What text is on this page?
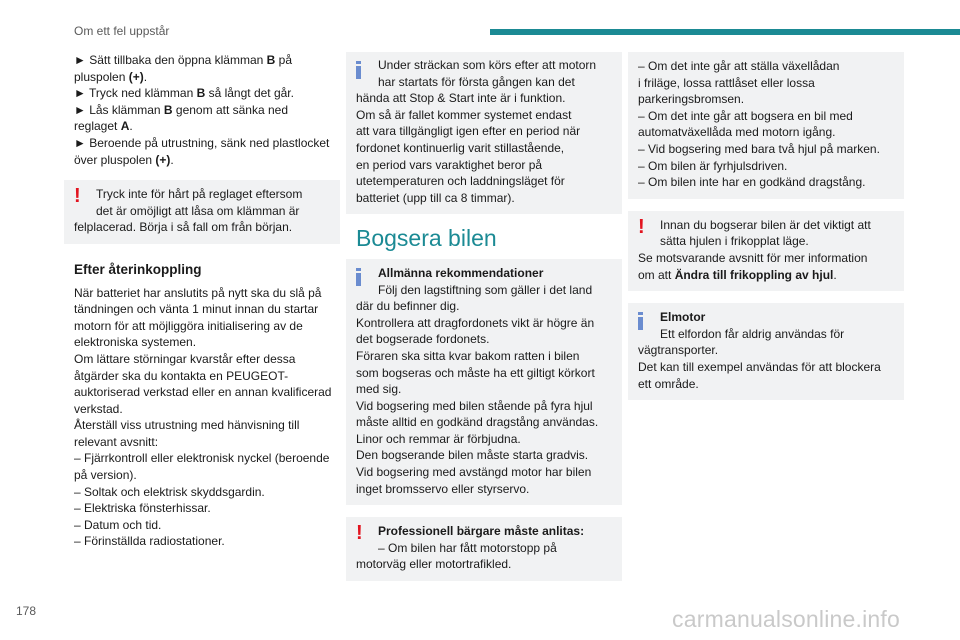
Om ett fel uppstår
► Sätt tillbaka den öppna klämman B på
pluspolen (+).
► Tryck ned klämman B så långt det går.
► Lås klämman B genom att sänka ned
reglaget A.
► Beroende på utrustning, sänk ned plastlocket
över pluspolen (+).
!	Tryck inte för hårt på reglaget eftersom
det är omöjligt att låsa om klämman är
felplacerad. Börja i så fall om från början.
Efter återinkoppling
När batteriet har anslutits på nytt ska du slå på
tändningen och vänta 1 minut innan du startar
motorn för att möjliggöra initialisering av de
elektroniska systemen.
Om lättare störningar kvarstår efter dessa
åtgärder ska du kontakta en PEUGEOT-
auktoriserad verkstad eller en annan kvalificerad
verkstad.
Återställ viss utrustning med hänvisning till
relevant avsnitt:
– Fjärrkontroll eller elektronisk nyckel (beroende
på version).
– Soltak och elektrisk skyddsgardin.
– Elektriska fönsterhissar.
– Datum och tid.
– Förinställda radiostationer.
Under sträckan som körs efter att motorn
har startats för första gången kan det
hända att Stop & Start inte är i funktion.
Om så är fallet kommer systemet endast
att vara tillgängligt igen efter en period när
fordonet kontinuerlig varit stillastående,
en period vars varaktighet beror på
utetemperaturen och laddningsläget för
batteriet (upp till ca 8 timmar).
Bogsera bilen
Allmänna rekommendationer
Följ den lagstiftning som gäller i det land
där du befinner dig.
Kontrollera att dragfordonets vikt är högre än
det bogserade fordonets.
Föraren ska sitta kvar bakom ratten i bilen
som bogseras och måste ha ett giltigt körkort
med sig.
Vid bogsering med bilen stående på fyra hjul
måste alltid en godkänd dragstång användas.
Linor och remmar är förbjudna.
Den bogserande bilen måste starta gradvis.
Vid bogsering med avstängd motor har bilen
inget bromsservo eller styrservo.
!	Professionell bärgare måste anlitas:
– Om bilen har fått motorstopp på
motorväg eller motortrafikled.
– Om det inte går att ställa växellådan
i friläge, lossa rattlåset eller lossa
parkeringsbromsen.
– Om det inte går att bogsera en bil med
automatväxellåda med motorn igång.
– Vid bogsering med bara två hjul på marken.
– Om bilen är fyrhjulsdriven.
– Om bilen inte har en godkänd dragstång.
!	Innan du bogserar bilen är det viktigt att
sätta hjulen i frikopplat läge.
Se motsvarande avsnitt för mer information
om att Ändra till frikoppling av hjul.
Elmotor
Ett elfordon får aldrig användas för
vägtransporter.
Det kan till exempel användas för att blockera
ett område.
178	carmanualsonline.info
